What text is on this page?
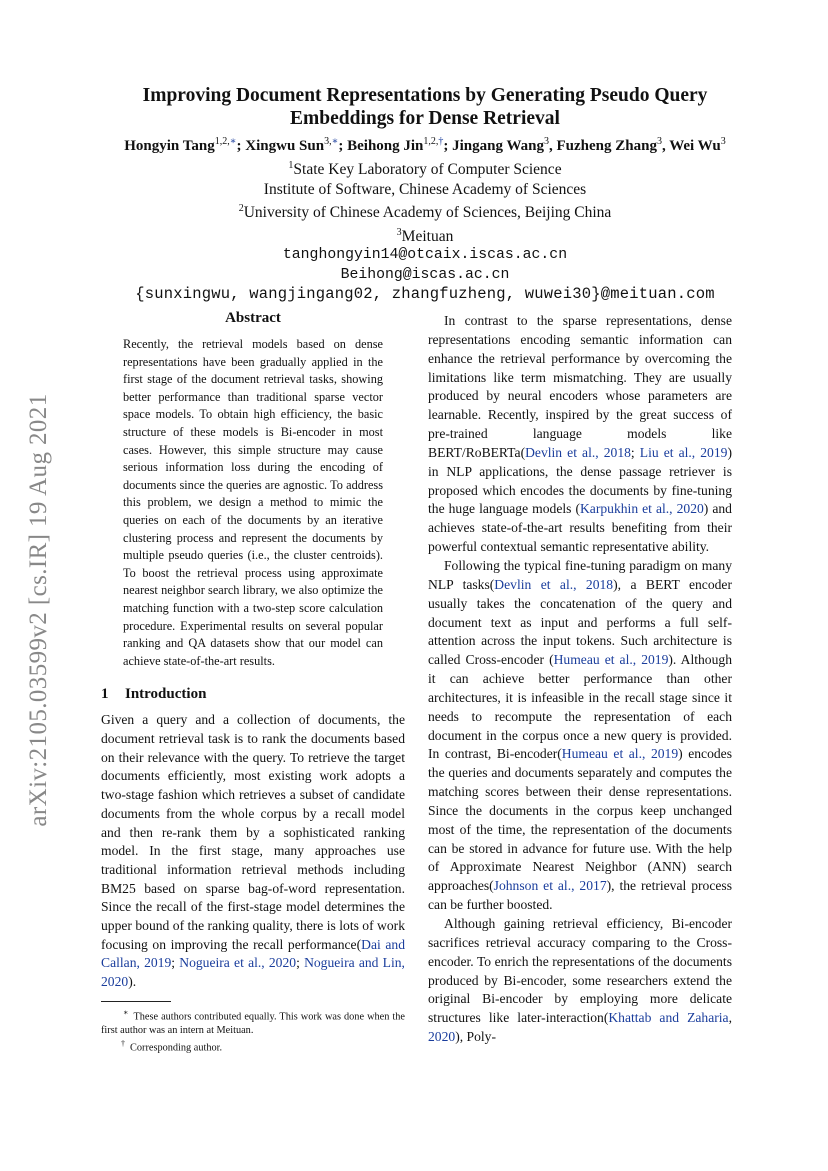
arXiv:2105.03599v2 [cs.IR] 19 Aug 2021
Improving Document Representations by Generating Pseudo Query
Embeddings for Dense Retrieval
Hongyin Tang$^{1,2,∗}$; Xingwu Sun$^{3,∗}$; Beihong Jin$^{1,2,\dagger}$; Jingang Wang$^3$, Fuzheng Zhang$^3$, Wei Wu$^3$
$^1$State Key Laboratory of Computer Science
Institute of Software, Chinese Academy of Sciences
$^2$University of Chinese Academy of Sciences, Beijing China
$^3$Meituan
tanghongyin14@otcaix.iscas.ac.cn
Beihong@iscas.ac.cn
{sunxingwu, wangjingang02, zhangfuzheng, wuwei30}@meituan.com
Abstract

Recently, the retrieval models based on dense representations have been gradually applied in the first stage of the document retrieval tasks, showing better performance than traditional sparse vector space models. To obtain high efficiency, the basic structure of these models is Bi-encoder in most cases. However, this simple structure may cause serious information loss during the encoding of documents since the queries are agnostic. To address this problem, we design a method to mimic the queries on each of the documents by an iterative clustering process and represent the documents by multiple pseudo queries (i.e., the cluster centroids). To boost the retrieval process using approximate nearest neighbor search library, we also optimize the matching function with a two-step score calculation procedure. Experimental results on several popular ranking and QA datasets show that our model can achieve state-of-the-art results.

1 Introduction

Given a query and a collection of documents, the document retrieval task is to rank the documents based on their relevance with the query. To retrieve the target documents efficiently, most existing work adopts a two-stage fashion which retrieves a subset of candidate documents from the whole corpus by a recall model and then re-rank them by a sophisticated ranking model. In the first stage, many approaches use traditional information retrieval methods including BM25 based on sparse bag-of-word representation. Since the recall of the first-stage model determines the upper bound of the ranking quality, there is lots of work focusing on improving the recall performance(Dai and Callan, 2019; Nogueira et al., 2020; Nogueira and Lin, 2020).

∗ These authors contributed equally. This work was done when the first author was an intern at Meituan.

† Corresponding author.

In contrast to the sparse representations, dense representations encoding semantic information can enhance the retrieval performance by overcoming the limitations like term mismatching. They are usually produced by neural encoders whose parameters are learnable. Recently, inspired by the great success of pre-trained language models like BERT/RoBERTa(Devlin et al., 2018; Liu et al., 2019) in NLP applications, the dense passage retriever is proposed which encodes the documents by fine-tuning the huge language models (Karpukhin et al., 2020) and achieves state-of-the-art results benefiting from their powerful contextual semantic representative ability.

Following the typical fine-tuning paradigm on many NLP tasks(Devlin et al., 2018), a BERT encoder usually takes the concatenation of the query and document text as input and performs a full self-attention across the input tokens. Such architecture is called Cross-encoder (Humeau et al., 2019). Although it can achieve better performance than other architectures, it is infeasible in the recall stage since it needs to recompute the representation of each document in the corpus once a new query is provided. In contrast, Bi-encoder(Humeau et al., 2019) encodes the queries and documents separately and computes the matching scores between their dense representations. Since the documents in the corpus keep unchanged most of the time, the representation of the documents can be stored in advance for future use. With the help of Approximate Nearest Neighbor (ANN) search approaches(Johnson et al., 2017), the retrieval process can be further boosted.

Although gaining retrieval efficiency, Bi-encoder sacrifices retrieval accuracy comparing to the Cross-encoder. To enrich the representations of the documents produced by Bi-encoder, some researchers extend the original Bi-encoder by employing more delicate structures like later-interaction(Khattab and Zaharia, 2020), Poly-
